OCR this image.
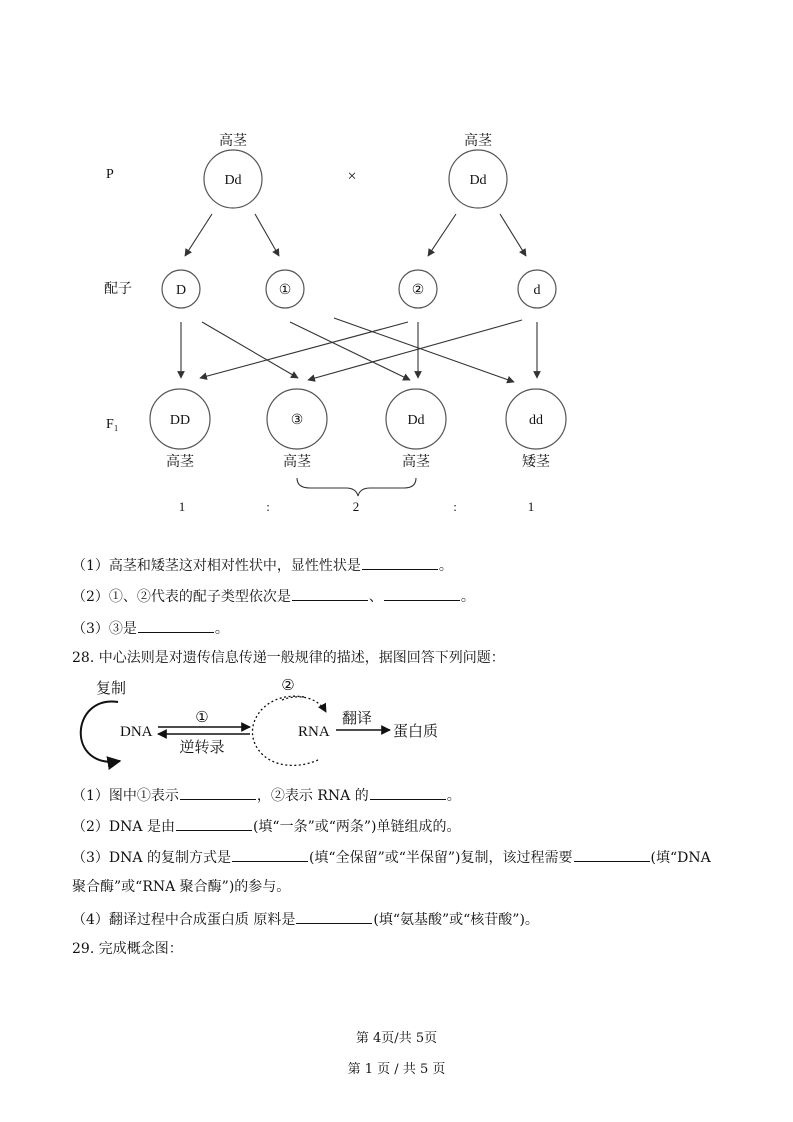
P
配子
F₁
高茎
Dd	×
高茎
Dd
D	①	②	d
DD
高茎
③
高茎
Dd
高茎
dd
矮茎
1	:	2	:	1
（1）高茎和矮茎这对相对性状中，显性性状是	。
（2）①、②代表的配子类型依次是	、	。
（3）③是	。
28. 中心法则是对遗传信息传递一般规律的描述，据图回答下列问题：
复制
DNA
①
逆转录
②
RNA
翻译
蛋白质
（1）图中①表示	，②表示 RNA 的	。
（2）DNA 是由	(填“一条”或“两条”)单链组成的。
（3）DNA 的复制方式是	(填“全保留”或“半保留”)复制，该过程需要	(填“DNA
聚合酶”或“RNA 聚合酶”)的参与。
（4）翻译过程中合成蛋白质 原料是	(填“氨基酸”或“核苷酸”)。
29. 完成概念图：
第 4页/共 5页
第 1 页 / 共 5 页
